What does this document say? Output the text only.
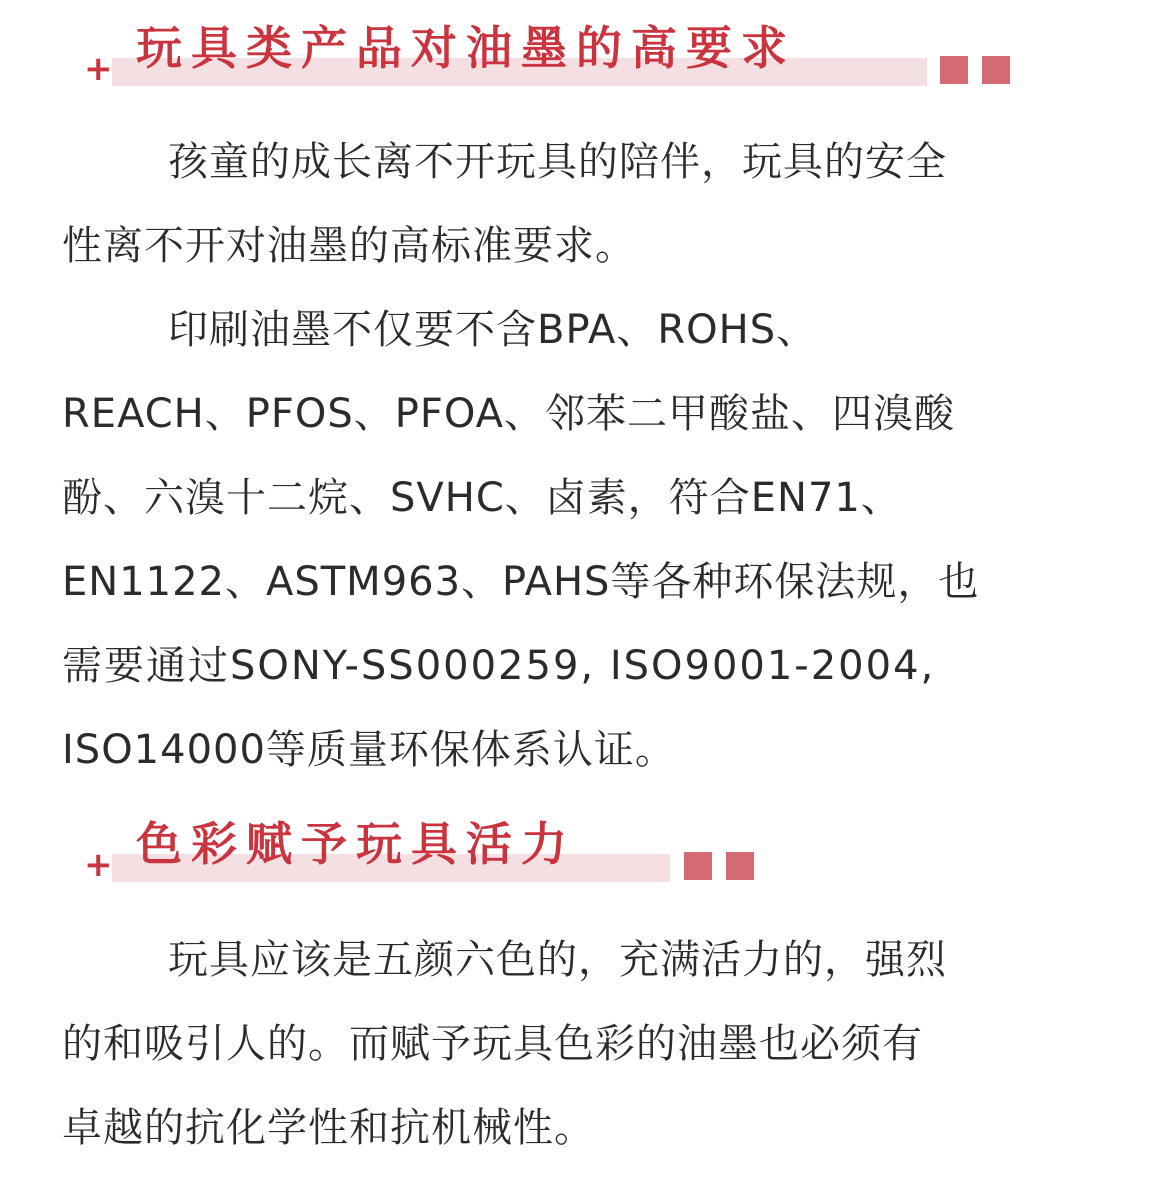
+ 玩具类产品对油墨的高要求
孩童的成长离不开玩具的陪伴，玩具的安全
性离不开对油墨的高标准要求。
印刷油墨不仅要不含BPA、ROHS、
REACH、PFOS、PFOA、邻苯二甲酸盐、四溴酸
酚、六溴十二烷、SVHC、卤素，符合EN71、
EN1122、ASTM963、PAHS等各种环保法规，也
需要通过SONY-SS000259, ISO9001-2004,
ISO14000等质量环保体系认证。
+ 色彩赋予玩具活力
玩具应该是五颜六色的，充满活力的，强烈
的和吸引人的。而赋予玩具色彩的油墨也必须有
卓越的抗化学性和抗机械性。
